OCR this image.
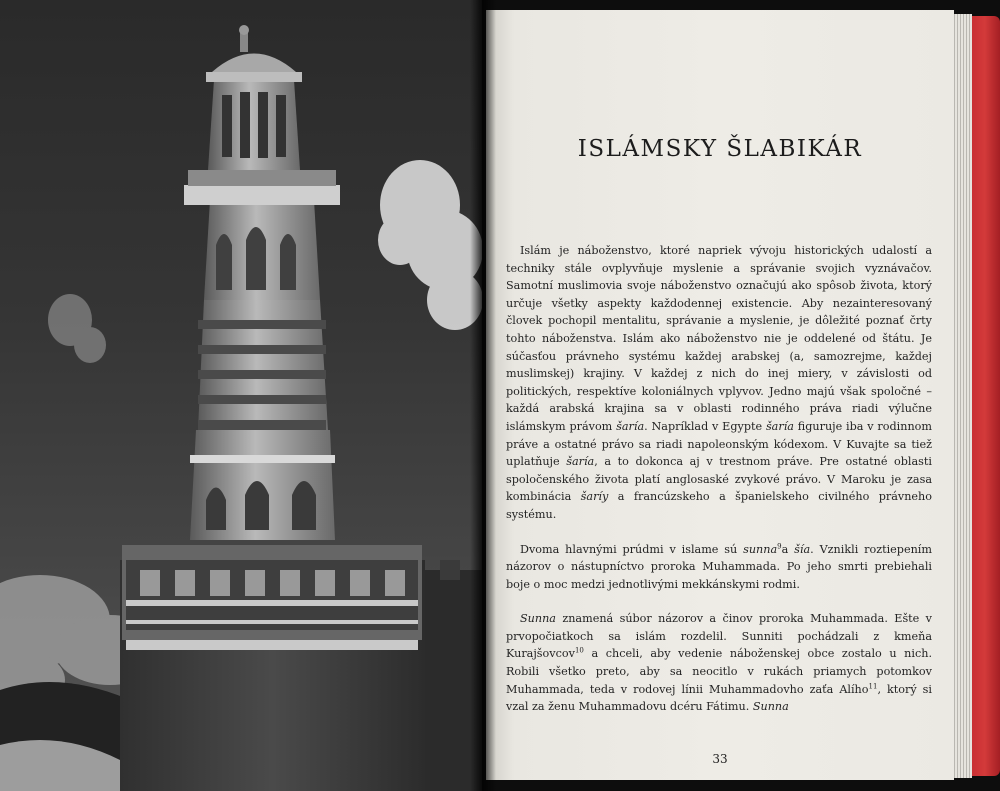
ISLÁMSKY ŠLABIKÁR

Islám je náboženstvo, ktoré napriek vývoju historických udalostí a techniky stále ovplyvňuje myslenie a správanie svojich vyznávačov. Samotní muslimovia svoje náboženstvo označujú ako spôsob života, ktorý určuje všetky aspekty každodennej existencie. Aby nezainteresovaný človek pochopil mentalitu, správanie a myslenie, je dôležité poznať črty tohto náboženstva. Islám ako náboženstvo nie je oddelené od štátu. Je súčasťou právneho systému každej arabskej (a, samozrejme, každej muslimskej) krajiny. V každej z nich do inej miery, v závislosti od politických, respektíve koloniálnych vplyvov. Jedno majú však spoločné – každá arabská krajina sa v oblasti rodinného práva riadi výlučne islámskym právom šaría. Napríklad v Egypte šaría figuruje iba v rodinnom práve a ostatné právo sa riadi napoleonským kódexom. V Kuvajte sa tiež uplatňuje šaría, a to dokonca aj v trestnom práve. Pre ostatné oblasti spoločenského života platí anglosaské zvykové právo. V Maroku je zasa kombinácia šaríy a francúzskeho a španielskeho civilného právneho systému.

Dvoma hlavnými prúdmi v islame sú sunna$^9$a šía. Vznikli roztiepením názorov o nástupníctvo proroka Muhammada. Po jeho smrti prebiehali boje o moc medzi jednotlivými mekkánskymi rodmi.

Sunna znamená súbor názorov a činov proroka Muhammada. Ešte v prvopočiatkoch sa islám rozdelil. Sunniti pochádzali z kmeňa Kurajšovcov$^{10}$ a chceli, aby vedenie náboženskej obce zostalo u nich. Robili všetko preto, aby sa neocitlo v rukách priamych potomkov Muhammada, teda v rodovej línii Muhammadovho zaťa Alího$^{11}$, ktorý si vzal za ženu Muhammadovu dcéru Fátimu. Sunna

33
